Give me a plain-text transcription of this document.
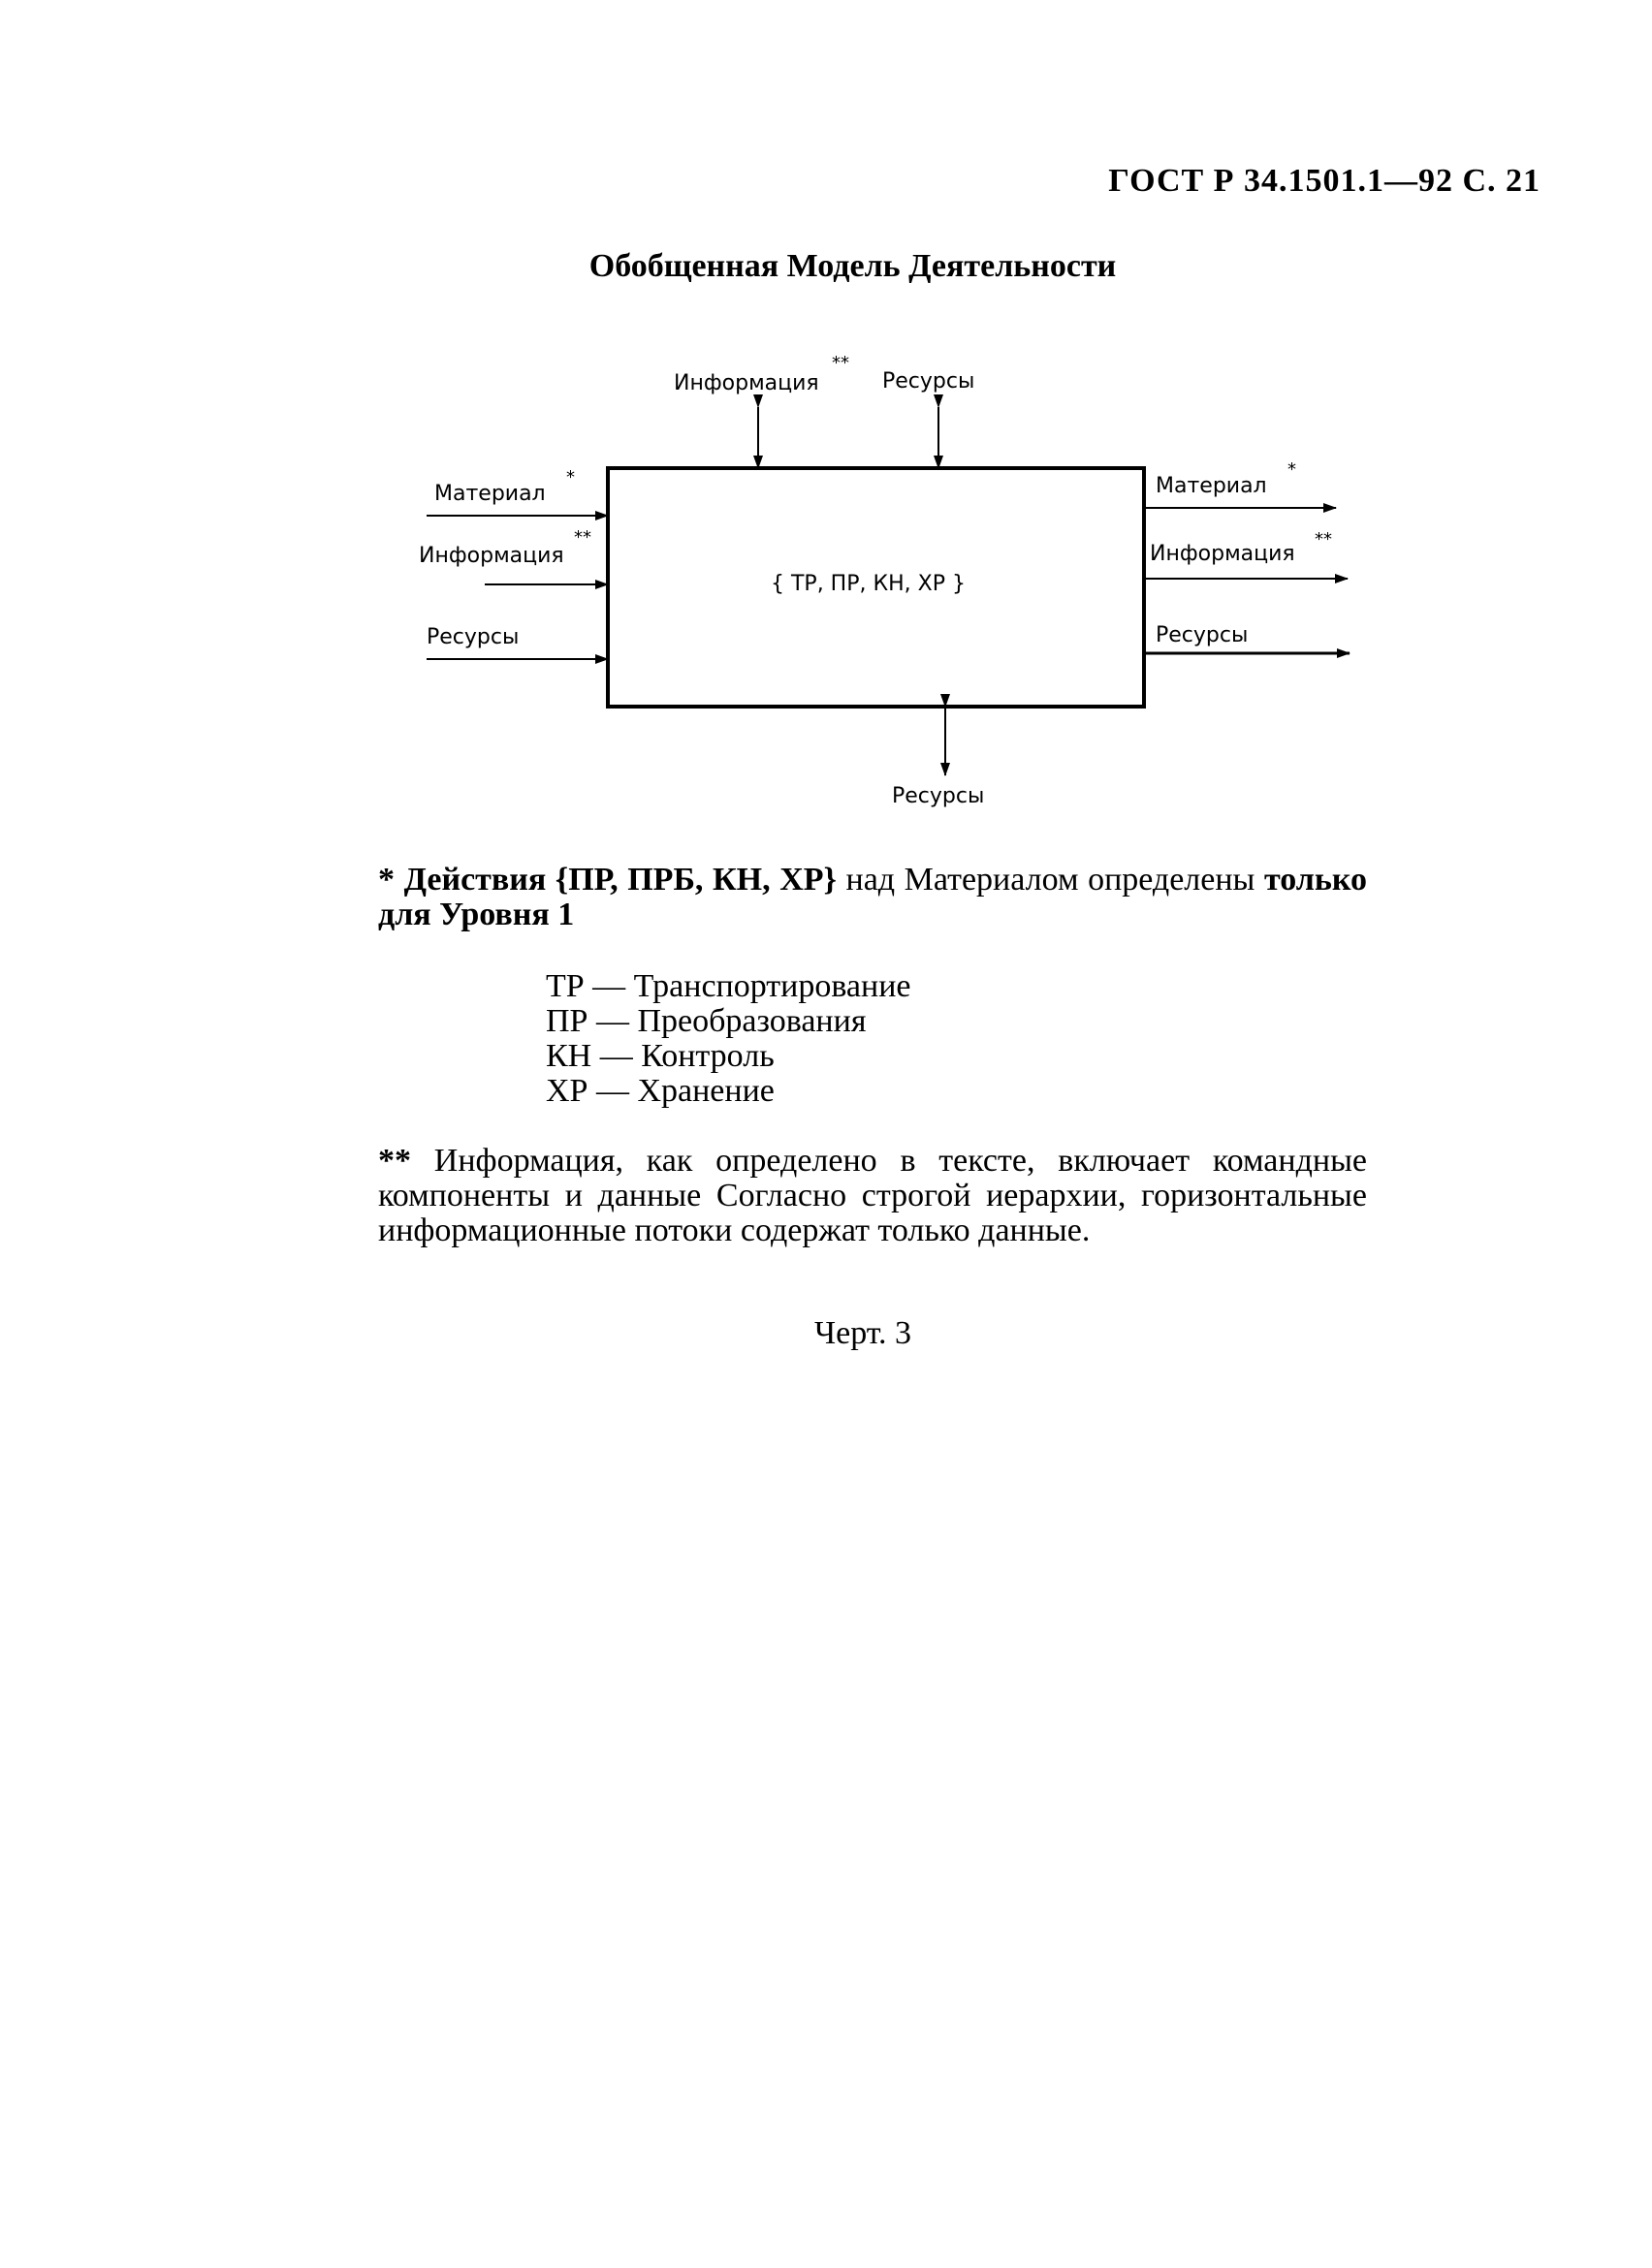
ГОСТ Р 34.1501.1—92 С. 21
Обобщенная Модель Деятельности
{ ТР, ПР, КН, ХР }
Информация
**
Ресурсы
Материал
*
Информация
**
Ресурсы
Материал
*
Информация
**
Ресурсы
Ресурсы
* Действия {ПР, ПРБ, КН, ХР} над Материалом определены только для Уровня 1
ТР — Транспортирование
ПР — Преобразования
КН — Контроль
ХР — Хранение
** Информация, как определено в тексте, включает командные компоненты и данные Согласно строгой иерархии, горизонтальные информационные потоки содержат только данные.
Черт. 3
